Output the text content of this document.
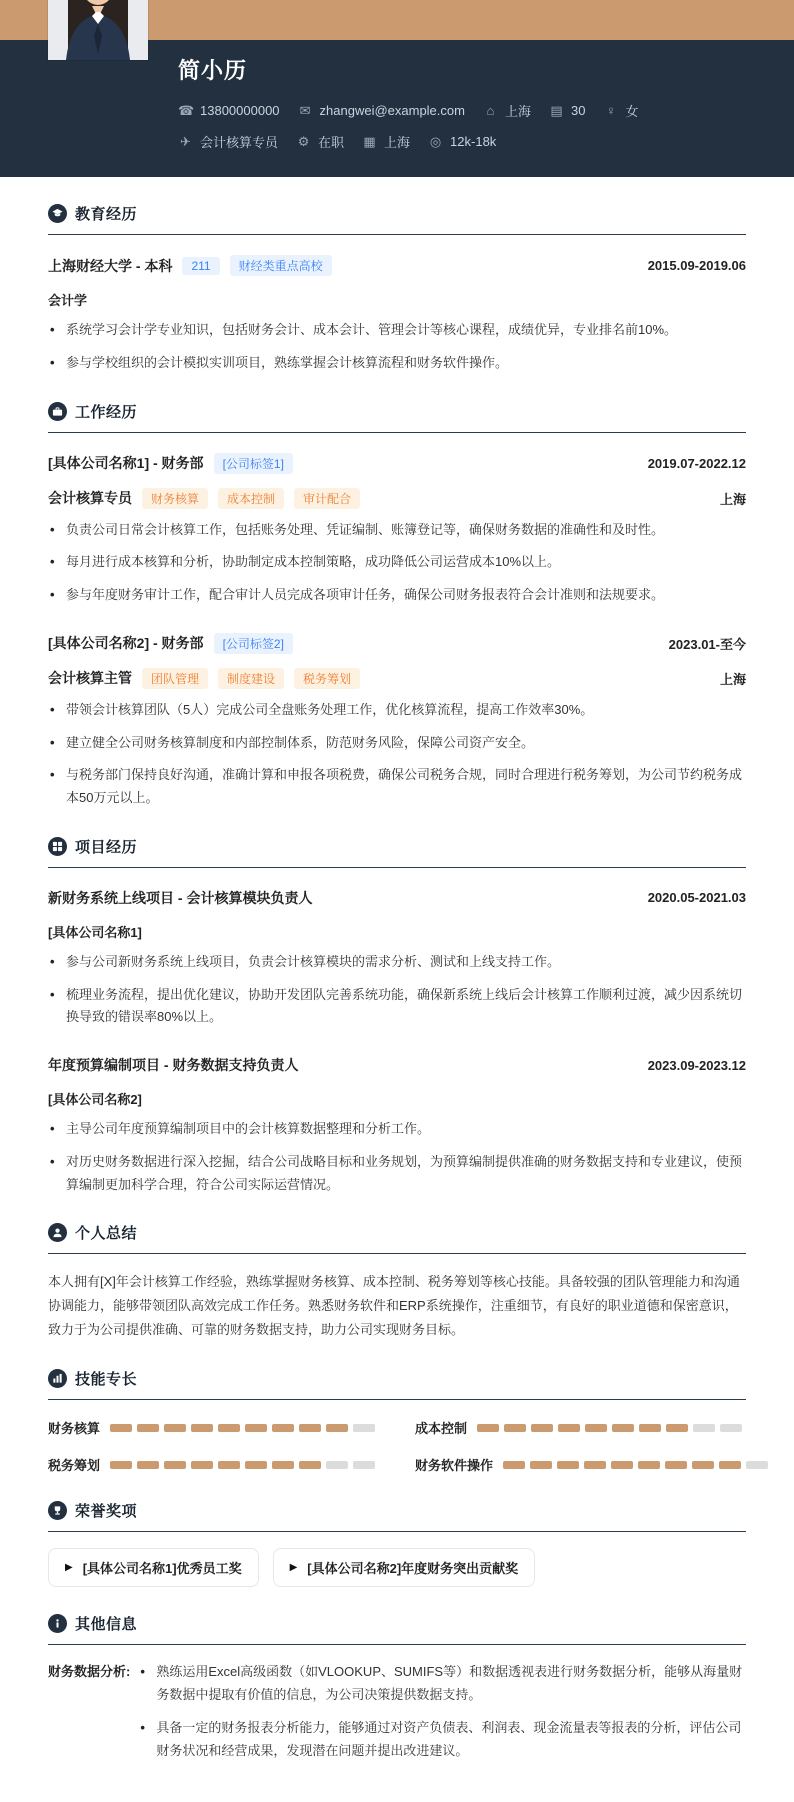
简小历
☎ 13800000000 ✉ zhangwei@example.com ⌂ 上海 ▤ 30 ♀ 女
✈ 会计核算专员 ⚙ 在职 ▦ 上海 ◎ 12k-18k
教育经历
上海财经大学 - 本科	211	财经类重点高校	2015.09-2019.06
会计学
• 系统学习会计学专业知识，包括财务会计、成本会计、管理会计等核心课程，成绩优异，专业排名前10%。
• 参与学校组织的会计模拟实训项目，熟练掌握会计核算流程和财务软件操作。
工作经历
[具体公司名称1] - 财务部	[公司标签1]	2019.07-2022.12
会计核算专员	财务核算	成本控制	审计配合	上海
• 负责公司日常会计核算工作，包括账务处理、凭证编制、账簿登记等，确保财务数据的准确性和及时性。
• 每月进行成本核算和分析，协助制定成本控制策略，成功降低公司运营成本10%以上。
• 参与年度财务审计工作，配合审计人员完成各项审计任务，确保公司财务报表符合会计准则和法规要求。
[具体公司名称2] - 财务部	[公司标签2]	2023.01-至今
会计核算主管	团队管理	制度建设	税务筹划	上海
• 带领会计核算团队（5人）完成公司全盘账务处理工作，优化核算流程，提高工作效率30%。
• 建立健全公司财务核算制度和内部控制体系，防范财务风险，保障公司资产安全。
• 与税务部门保持良好沟通，准确计算和申报各项税费，确保公司税务合规，同时合理进行税务筹划，为公司节约税务成本50万元以上。
项目经历
新财务系统上线项目 - 会计核算模块负责人	2020.05-2021.03
[具体公司名称1]
• 参与公司新财务系统上线项目，负责会计核算模块的需求分析、测试和上线支持工作。
• 梳理业务流程，提出优化建议，协助开发团队完善系统功能，确保新系统上线后会计核算工作顺利过渡，减少因系统切换导致的错误率80%以上。
年度预算编制项目 - 财务数据支持负责人	2023.09-2023.12
[具体公司名称2]
• 主导公司年度预算编制项目中的会计核算数据整理和分析工作。
• 对历史财务数据进行深入挖掘，结合公司战略目标和业务规划，为预算编制提供准确的财务数据支持和专业建议，使预算编制更加科学合理，符合公司实际运营情况。
个人总结

本人拥有[X]年会计核算工作经验，熟练掌握财务核算、成本控制、税务筹划等核心技能。具备较强的团队管理能力和沟通协调能力，能够带领团队高效完成工作任务。熟悉财务软件和ERP系统操作，注重细节，有良好的职业道德和保密意识，致力于为公司提供准确、可靠的财务数据支持，助力公司实现财务目标。

技能专长
财务核算	成本控制
税务筹划	财务软件操作
荣誉奖项
▶ [具体公司名称1]优秀员工奖	▶ [具体公司名称2]年度财务突出贡献奖
其他信息
财务数据分析:	• 熟练运用Excel高级函数（如VLOOKUP、SUMIFS等）和数据透视表进行财务数据分析，能够从海量财务数据中提取有价值的信息，为公司决策提供数据支持。
• 具备一定的财务报表分析能力，能够通过对资产负债表、利润表、现金流量表等报表的分析，评估公司财务状况和经营成果，发现潜在问题并提出改进建议。
